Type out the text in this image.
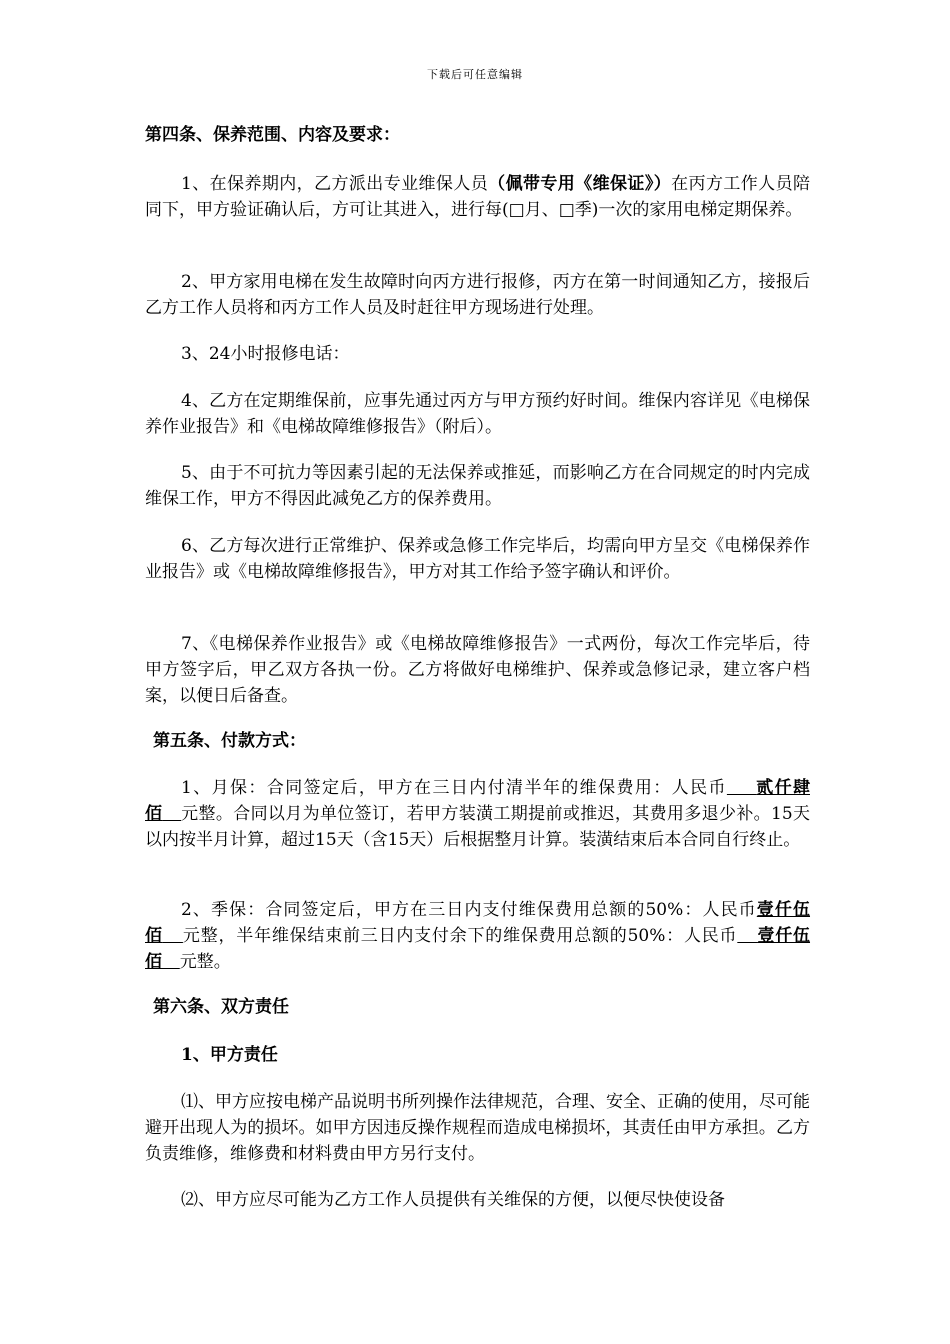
下载后可任意编辑
第四条、保养范围、内容及要求：
1、在保养期内，乙方派出专业维保人员（佩带专用《维保证》）在丙方工作人员陪同下，甲方验证确认后，方可让其进入，进行每(□月、□季)一次的家用电梯定期保养。
2、甲方家用电梯在发生故障时向丙方进行报修，丙方在第一时间通知乙方，接报后乙方工作人员将和丙方工作人员及时赶往甲方现场进行处理。
3、24小时报修电话：
4、乙方在定期维保前，应事先通过丙方与甲方预约好时间。维保内容详见《电梯保养作业报告》和《电梯故障维修报告》（附后）。
5、由于不可抗力等因素引起的无法保养或推延，而影响乙方在合同规定的时内完成维保工作，甲方不得因此减免乙方的保养费用。
6、乙方每次进行正常维护、保养或急修工作完毕后，均需向甲方呈交《电梯保养作业报告》或《电梯故障维修报告》，甲方对其工作给予签字确认和评价。
7、《电梯保养作业报告》或《电梯故障维修报告》一式两份，每次工作完毕后，待甲方签字后，甲乙双方各执一份。乙方将做好电梯维护、保养或急修记录，建立客户档案，以便日后备查。
第五条、付款方式：
1、月保：合同签定后，甲方在三日内付清半年的维保费用：人民币 贰仟肆佰 元整。合同以月为单位签订，若甲方装潢工期提前或推迟，其费用多退少补。15天以内按半月计算，超过15天（含15天）后根据整月计算。装潢结束后本合同自行终止。
2、季保：合同签定后，甲方在三日内支付维保费用总额的50%：人民币壹仟伍佰 元整，半年维保结束前三日内支付余下的维保费用总额的50%：人民币 壹仟伍佰 元整。
第六条、双方责任
1、甲方责任
⑴、甲方应按电梯产品说明书所列操作法律规范，合理、安全、正确的使用，尽可能避开出现人为的损坏。如甲方因违反操作规程而造成电梯损坏，其责任由甲方承担。乙方负责维修，维修费和材料费由甲方另行支付。
⑵、甲方应尽可能为乙方工作人员提供有关维保的方便，以便尽快使设备
